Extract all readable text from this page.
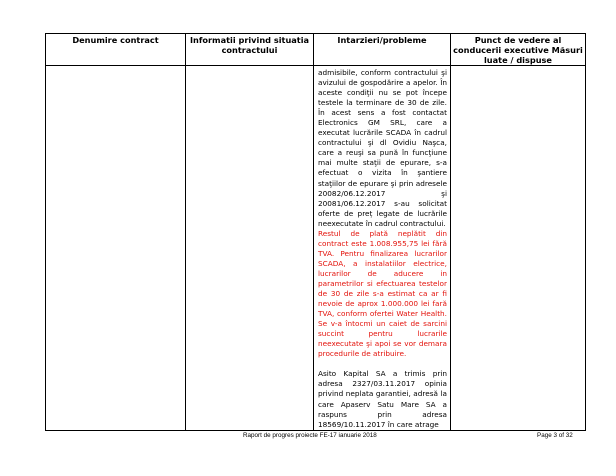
Denumire contract	Informatii privind situatia contractului	Intarzieri/probleme	Punct de vedere al conducerii executive Măsuri luate / dispuse

		admisibile, conform contractului şi avizului de gospodărire a apelor. În aceste condiţii nu se pot începe testele la terminare de 30 de zile. În acest sens a fost contactat Electronics GM SRL, care a executat lucrările SCADA în cadrul contractului şi dl Ovidiu Naşca, care a reuşi sa pună în funcţiune mai multe staţii de epurare, s-a efectuat o vizita în şantiere staţiilor de epurare şi prin adresele 20082/06.12.2017 şi 20081/06.12.2017 s-au solicitat oferte de preț legate de lucrările neexecutate în cadrul contractului.

Restul de plată neplătit din contract este 1.008.955,75 lei fără TVA. Pentru finalizarea lucrarilor SCADA, a instalatiilor electrice, lucrarilor de aducere in parametrilor si efectuarea testelor de 30 de zile s-a estimat ca ar fi nevoie de aprox 1.000.000 lei fară TVA, conform ofertei Water Health. Se v-a întocmi un caiet de sarcini succint pentru lucrarile neexecutate şi apoi se vor demara procedurile de atribuire.

Asito Kapital SA a trimis prin adresa 2327/03.11.2017 opinia privind neplata garantiei, adresă la care Apaserv Satu Mare SA a raspuns prin adresa 18569/10.11.2017 în care atrage	

Raport de progres proiecte FE-17 ianuarie 2018	Page 3 of 32
